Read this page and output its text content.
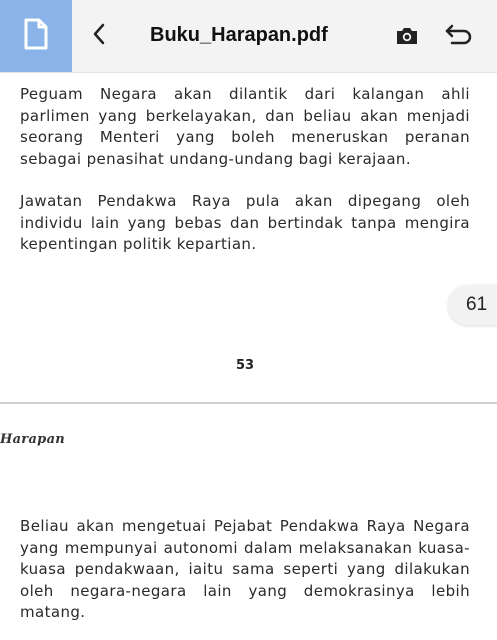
Buku_Harapan.pdf

Peguam Negara akan dilantik dari kalangan ahli parlimen yang berkelayakan, dan beliau akan menjadi seorang Menteri yang boleh meneruskan peranan sebagai penasihat undang-undang bagi kerajaan.

Jawatan Pendakwa Raya pula akan dipegang oleh individu lain yang bebas dan bertindak tanpa mengira kepentingan politik kepartian.

61
53
Harapan

Beliau akan mengetuai Pejabat Pendakwa Raya Negara yang mempunyai autonomi dalam melaksanakan kuasa-kuasa pendakwaan, iaitu sama seperti yang dilakukan oleh negara-negara lain yang demokrasinya lebih matang.
